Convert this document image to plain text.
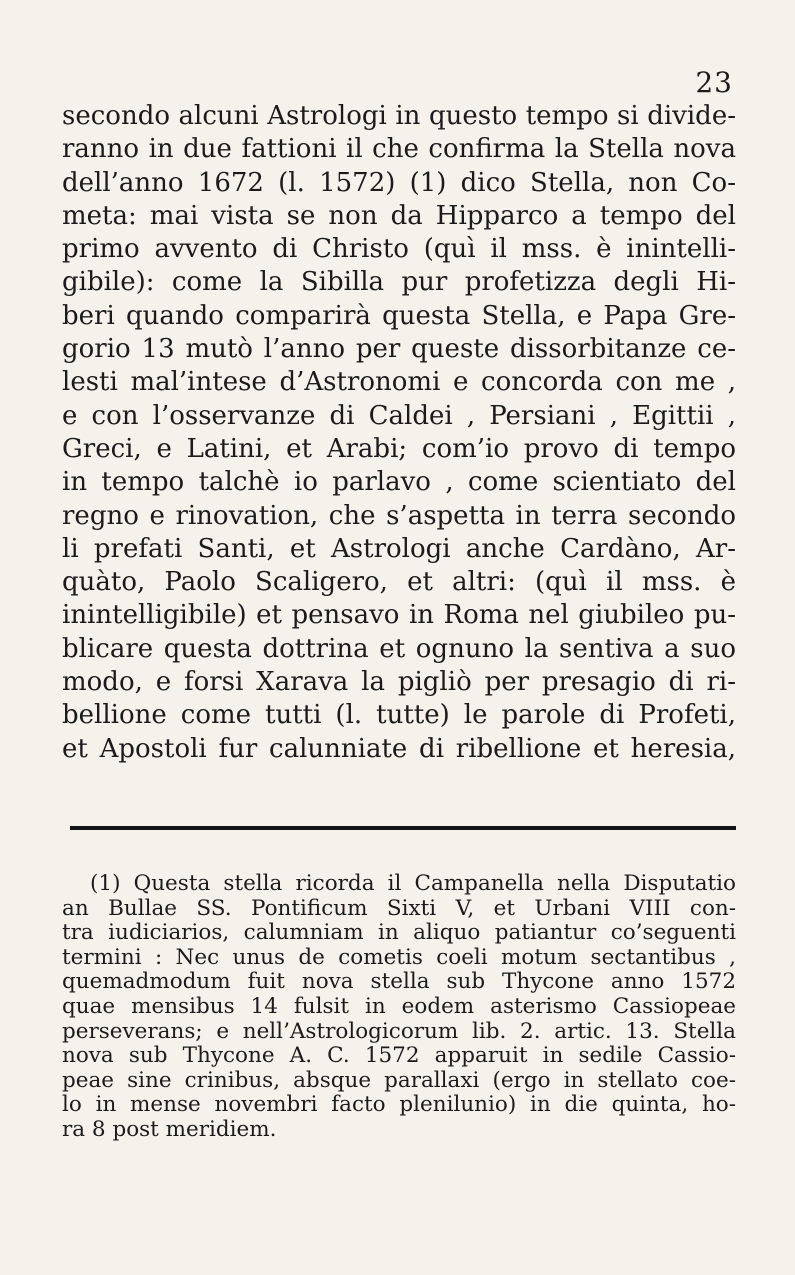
23
secondo alcuni Astrologi in questo tempo si divide-
ranno in due fattioni il che confirma la Stella nova
dell’anno 1672 (l. 1572) (1) dico Stella, non Co-
meta: mai vista se non da Hipparco a tempo del
primo avvento di Christo (quì il mss. è inintelli-
gibile): come la Sibilla pur profetizza degli Hi-
beri quando comparirà questa Stella, e Papa Gre-
gorio 13 mutò l’anno per queste dissorbitanze ce-
lesti mal’intese d’Astronomi e concorda con me ,
e con l’osservanze di Caldei , Persiani , Egittii ,
Greci, e Latini, et Arabi; com’io provo di tempo
in tempo talchè io parlavo , come scientiato del
regno e rinovation, che s’aspetta in terra secondo
li prefati Santi, et Astrologi anche Cardàno, Ar-
quàto, Paolo Scaligero, et altri: (quì il mss. è
inintelligibile) et pensavo in Roma nel giubileo pu-
blicare questa dottrina et ognuno la sentiva a suo
modo, e forsi Xarava la pigliò per presagio di ri-
bellione come tutti (l. tutte) le parole di Profeti,
et Apostoli fur calunniate di ribellione et heresia,
(1) Questa stella ricorda il Campanella nella Disputatio
an Bullae SS. Pontificum Sixti V, et Urbani VIII con-
tra iudiciarios, calumniam in aliquo patiantur co’seguenti
termini : Nec unus de cometis coeli motum sectantibus ,
quemadmodum fuit nova stella sub Thycone anno 1572
quae mensibus 14 fulsit in eodem asterismo Cassiopeae
perseverans; e nell’Astrologicorum lib. 2. artic. 13. Stella
nova sub Thycone A. C. 1572 apparuit in sedile Cassio-
peae sine crinibus, absque parallaxi (ergo in stellato coe-
lo in mense novembri facto plenilunio) in die quinta, ho-
ra 8 post meridiem.
